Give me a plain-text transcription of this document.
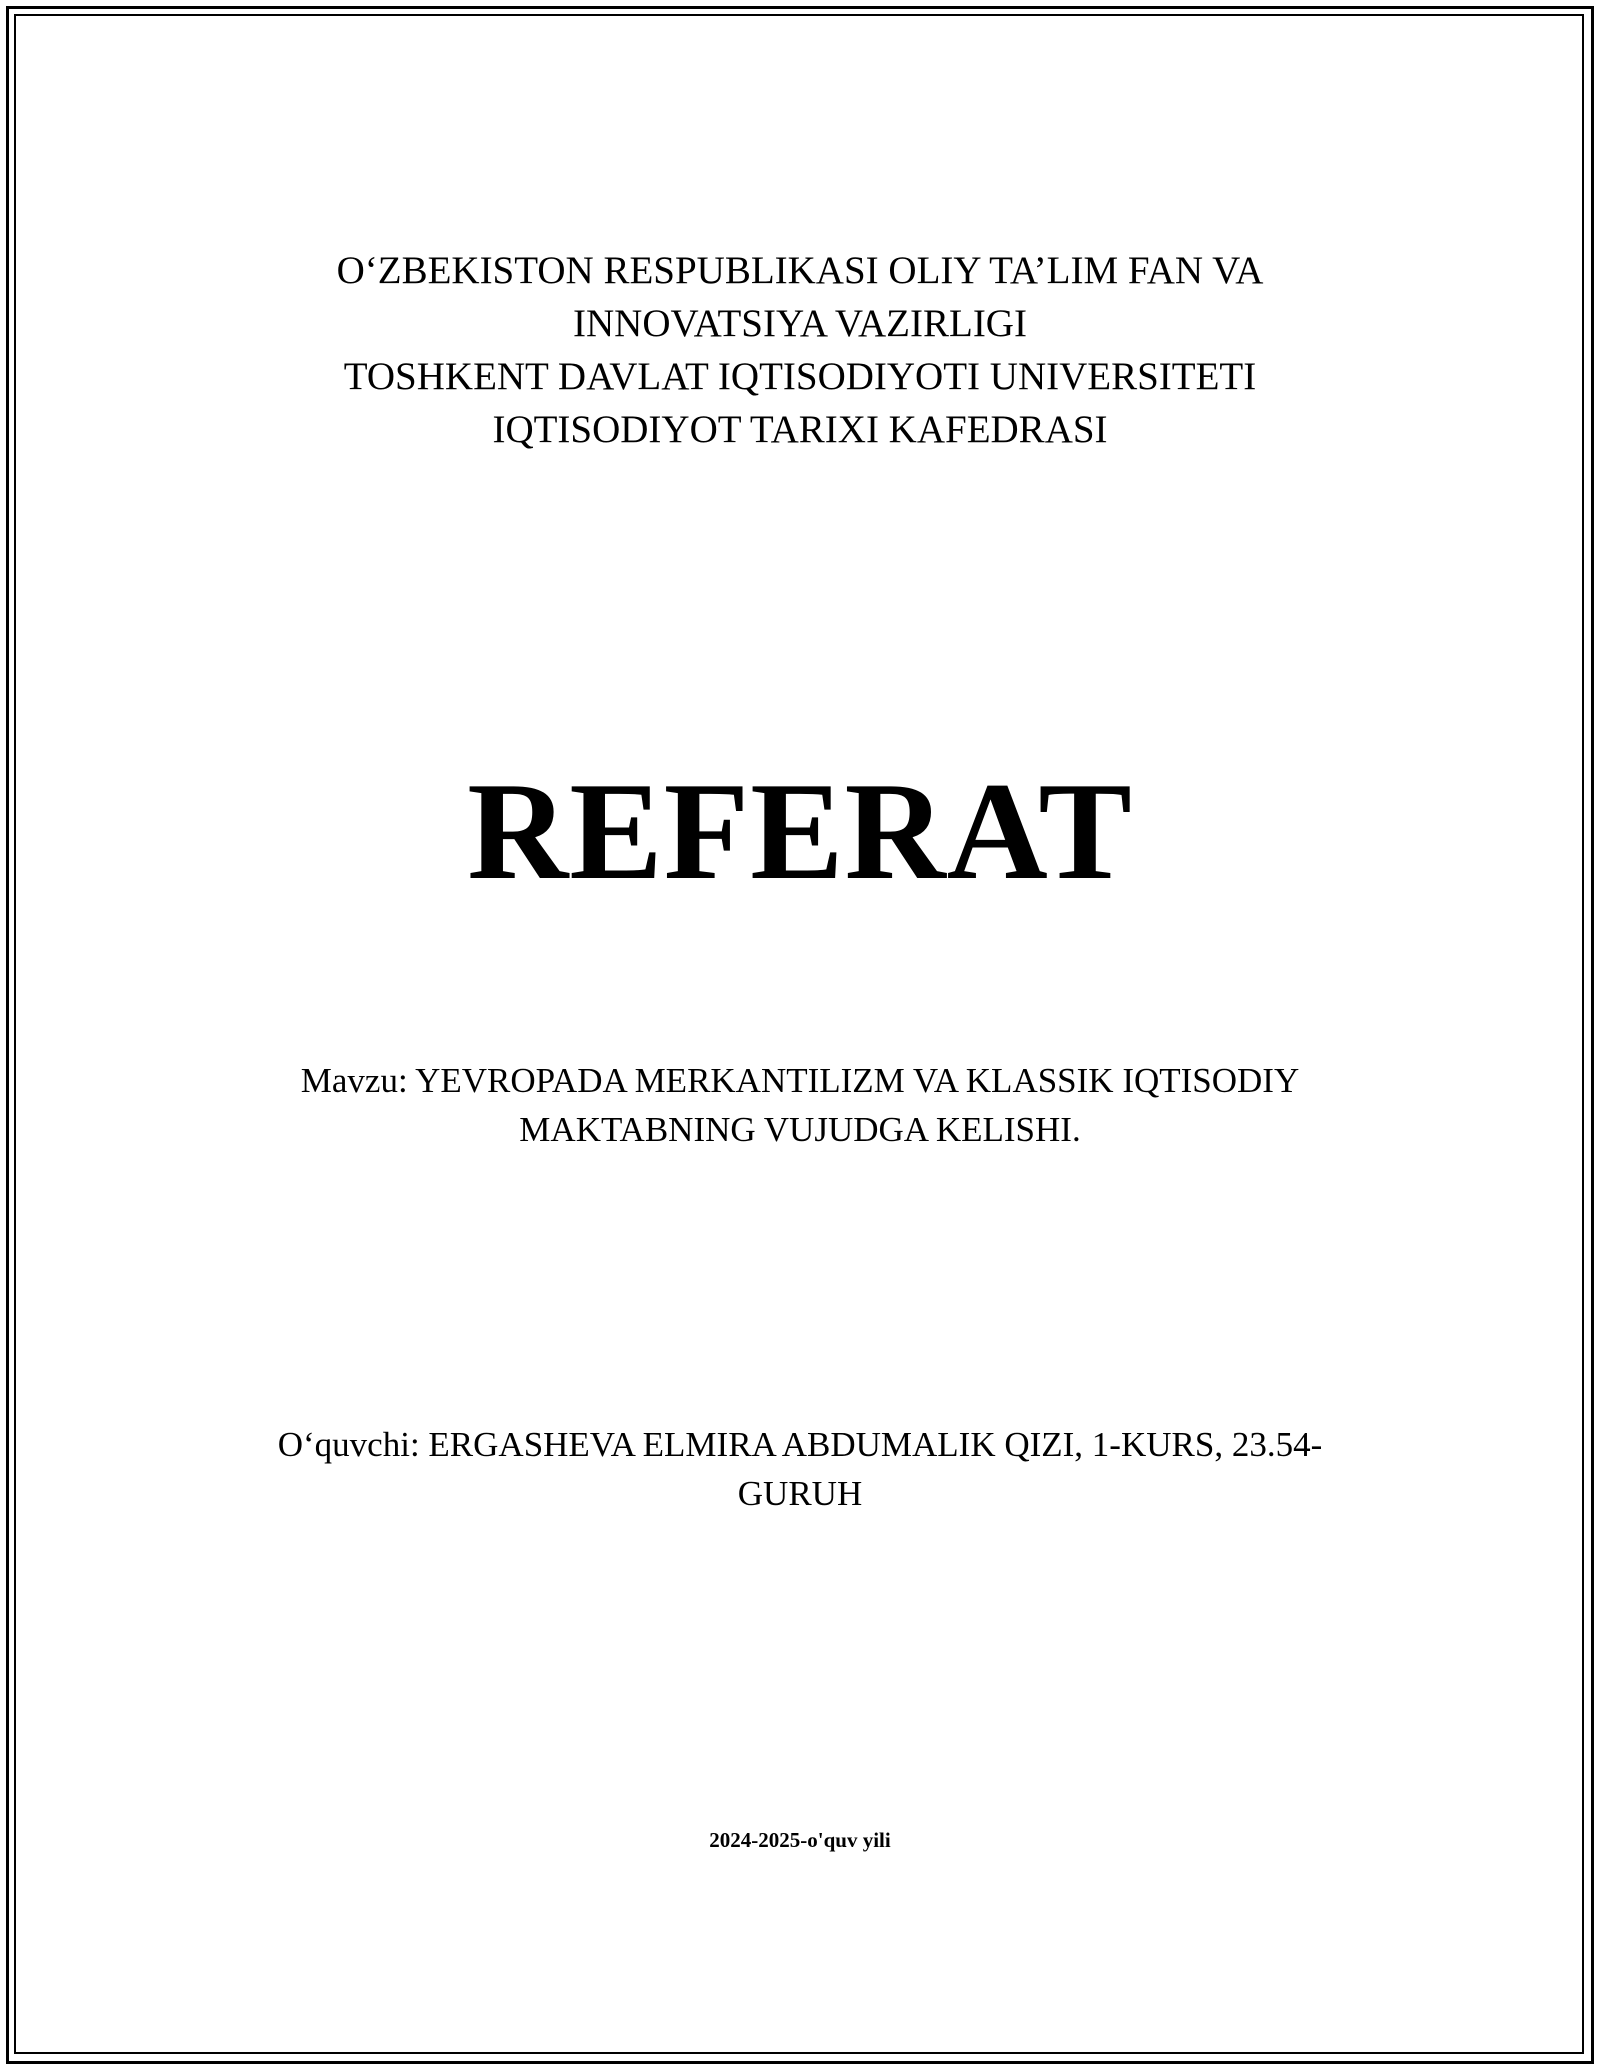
O‘ZBEKISTON RESPUBLIKASI OLIY TA’LIM FAN VA
INNOVATSIYA VAZIRLIGI
TOSHKENT DAVLAT IQTISODIYOTI UNIVERSITETI
IQTISODIYOT TARIXI KAFEDRASI
REFERAT
Mavzu: YEVROPADA MERKANTILIZM VA KLASSIK IQTISODIY
MAKTABNING VUJUDGA KELISHI.
O‘quvchi: ERGASHEVA ELMIRA ABDUMALIK QIZI, 1-KURS, 23.54-
GURUH
2024-2025-o'quv yili
